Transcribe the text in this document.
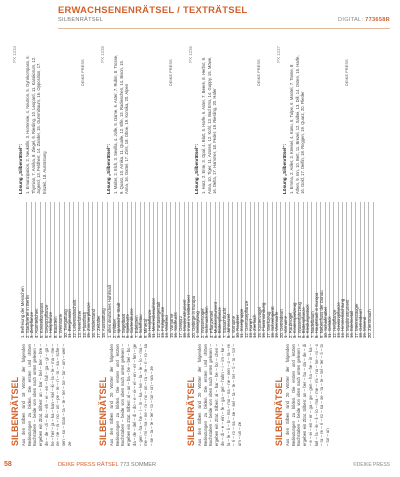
ERWACHSENENRÄTSEL / TEXTRÄTSEL
SILBENRÄTSEL	DIGITAL: 773658R
SILBENRÄTSEL
PX 1234
Aus den Silben sind 18 Wörter der folgenden Bedeutungen zu bilden. Die ersten und dritten Buchstaben – beide von oben nach unten gelesen – ergeben ein Zitat. Silben: an – bar – bel – ber – bre – de – de – di – do – eh – ei – en – fall – ga – gi – gü – he – her – ja – ka – kan – kel – ki – la – le – ma – me – ne – ne – ni – no – on – pe – re – ri – ro – sa – sche – sen – so – stan – ta – te – ter – tor – tur – um – wer – ze
1. Befreiung der Menschen 2. Stadtviertel in Berlin 3. Zierpflanze 4. Atomteilchen 5. Kreiselkompass 6. Gewürzpflanze 7. Heilpflanze 8. Baustein 9. Weinsorte 10. Tiergattung 11. Bergmassiv 12. Lebensabschnitt 13. Heerführer 14. Flussfisch 15. Zimmerpflanze 16. Widerstand 17. Zeitalter 18. Ausstattung
Lösung „Silbenrätsel“: 1. Emanzipation, 2. Neukölln, 3. Hortensie, 4. Neutron, 5. Gyrokompass, 6. Thymian, 7. Arnika, 8. Ziegel, 9. Riesling, 10. Leopard, 11. Karakorum, 12. Jugend, 13. Feldherr, 14. Zander, 15. Gummibaum, 16. Opposition, 17. Eiszeit, 18. Ausrüstung
DEIKE PRESS
SILBENRÄTSEL
PX 1235
Aus den Silben sind 20 Wörter der folgenden Bedeutungen zu bilden. Die ersten und letzten Buchstaben – beide von oben nach unten gelesen – ergeben ein Zitat. Silben: al – an – ba – be – bel – bo – da – de – del – di – do – e – ei – el – en – er – fen – ge – gen – ha – he – i – in – ka – ke – la – le – lo – ma – me – mi – na – ne – ni – no – on – ra – re – ri – ro – sa – se – ta – te – ter – to – tur – un – wa – ze
1. altes deutsches Hohlmaß 2. Wildtier 3. spanische Stadt 4. Segelboot 5. Spielkarte 6. Gartenblume 7. Edelstein 8. Schiffstau 9. Mineral 10. Heilpflanze 11. Meeresbewohner 12. Fantasiegestalt 13. Frühgemüse 14. Wildrind 15. Vorname 16. Südfrucht 17. Gewürz 18. Musikinstrument 19. Insel im Mittelmeer 20. Gebirge in Europa
Lösung „Silbenrätsel“: 1. Malter, 2. Elch, 3. Sevilla, 4. Jolle, 5. Dame, 6. Aster, 7. Rubin, 8. Trosse, 9. Quarz, 10. Arnika, 11. Qualle, 12. Elfe, 13. Radieschen, 14. Bison, 15. Anna, 16. Dattel, 17. Zimt, 18. Oboe, 19. Korsika, 20. Alpen
DEIKE PRESS
SILBENRÄTSEL
PX 1236
Aus den Silben sind 20 Wörter der folgenden Bedeutungen zu bilden. Die ersten und dritten Buchstaben – beide von oben nach unten gelesen – ergeben ein Zitat. Silben: al – bar – be – bo – chen – de – di – e – ein – fe – ga – gel – hahn – i – im – ke – la – le – li – lo – ma – mo – na – ne – nen – o – ra – re – ri – ro – sa – se – sel – ta – te – ter – ti – to – tor – um – un – ze
1. Gebirgszug 2. Wasservogel 3. Schmuckstein 4. Pflanzenteil 5. Musikinstrument 6. Blütenpflanze 7. Strauchfrucht 8. Jahreszeit 9. Vorname 10. Raubtier 11. Inselgruppe 12. Gemüsepflanze 13. Kurort 14. Zierfisch 15. Küstenvogel 16. Flussmündung 17. Werkzeug 18. Schreibgerät 19. Weinsorte 20. Getreideart
Lösung „Silbenrätsel“: 1. Harz, 2. Ente, 3. Opal, 4. Blatt, 5. Harfe, 6. Aster, 7. Beere, 8. Herbst, 9. Anna, 10. Tiger, 11. Azoren, 12. Kohl, 13. Bad Ems, 14. Guppy, 15. Möwe, 16. Delta, 17. Hammer, 18. Feder, 19. Riesling, 20. Hafer
DEIKE PRESS
SILBENRÄTSEL
PX 1237
Aus den Silben sind 20 Wörter der folgenden Bedeutungen zu bilden. Die ersten und letzten Buchstaben – beide von oben nach unten gelesen – ergeben ein Zitat. Silben: an – ber – bu – da – de – di – e – ei – en – er – ga – ge – gen – ha – he – in – ka – kel – la – le – li – lo – ma – me – mi – na – ne – ni – o – ra – re – ri – ro – sa – se – ta – te – tel – ter – ti – to – tur – un
1. Vorname 2. Raubvogel 3. Kinderspielzeug 4. Wasserfahrzeug 5. Blütenpflanze 6. Kleidungsstück 7. Nadelbaum 8. Hauptstadt in Europa 9. Nebenfluss der Donau 10. Schlafmöbel 11. Gebäck 12. Heilpflanze 13. Gewürzpflanze 14. Himmelsrichtung 15. Musikinstrument 16. Edelmetall 17. Meeressäuger 18. Getreideart 19. Mineral 20. Zierstrauch
Lösung „Silbenrätsel“: 1. Emma, 2. Adler, 3. Kreisel, 4. Kanu, 5. Tulpe, 6. Mantel, 7. Tanne, 8. Athen, 9. Inn, 10. Bett, 11. Brezel, 12. Salbei, 13. Dill, 14. Osten, 15. Harfe, 16. Gold, 17. Delfin, 18. Roggen, 19. Quarz, 20. Flieder
DEIKE PRESS
58	DEIKE PRESS RÄTSEL 773 SOMMER	©DEIKE PRESS
